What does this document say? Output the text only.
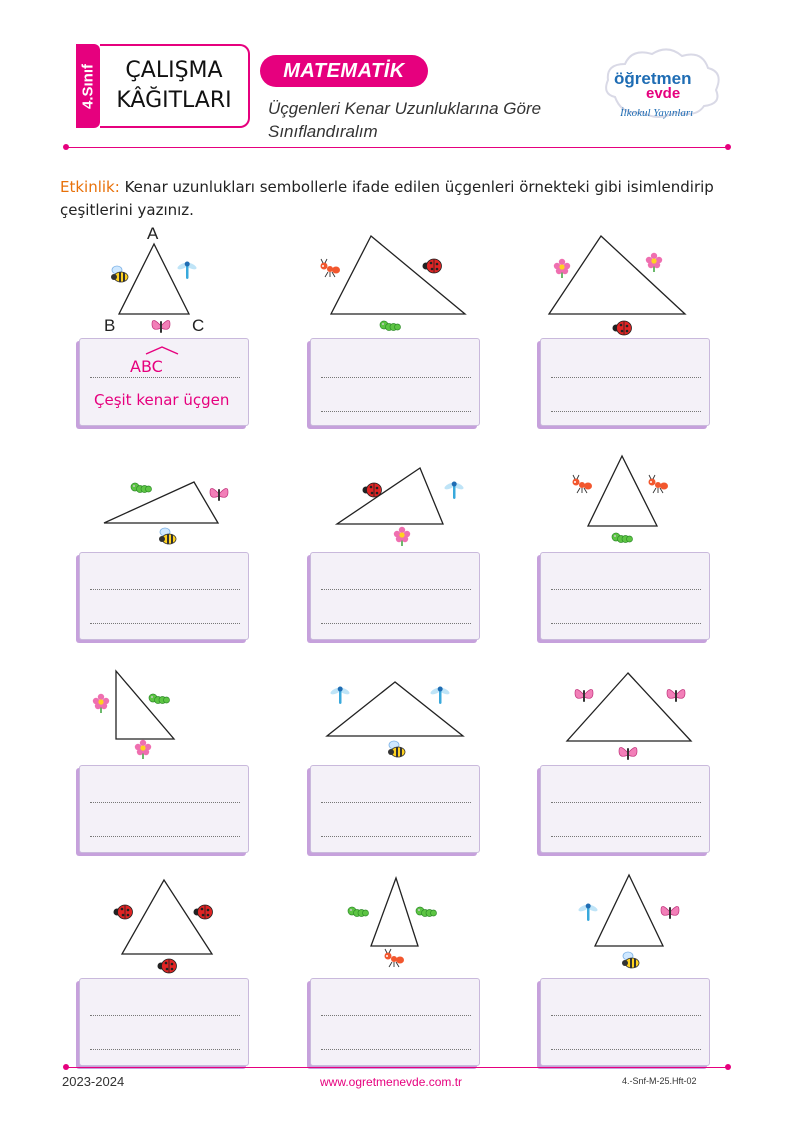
4.Sınıf ÇALIŞMA
KÂĞITLARI
MATEMATİK
Üçgenleri Kenar Uzunluklarına Göre
Sınıflandıralım
öğretmen
evde
İlkokul Yayınları
Etkinlik: Kenar uzunlukları sembollerle ifade edilen üçgenleri örnekteki gibi isimlendirip çeşitlerini yazınız.
A
B	C
ABC
Çeşit kenar üçgen
2023-2024	www.ogretmenevde.com.tr	4.-Snf-M-25.Hft-02
